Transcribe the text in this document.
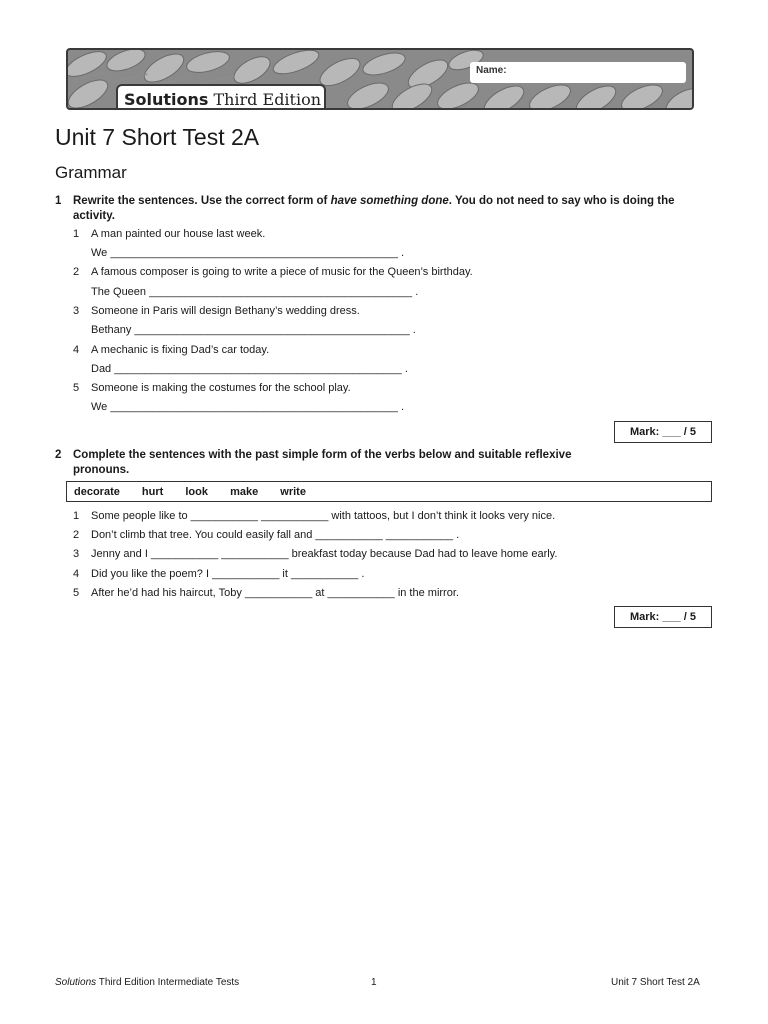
Name:
Solutions Third Edition
Unit 7 Short Test 2A
Grammar
1 Rewrite the sentences. Use the correct form of have something done. You do not need to say who is doing the activity.
1 A man painted our house last week.
We _______________________________________________ .
2 A famous composer is going to write a piece of music for the Queen’s birthday.
The Queen ___________________________________________ .
3 Someone in Paris will design Bethany’s wedding dress.
Bethany _____________________________________________ .
4 A mechanic is fixing Dad’s car today.
Dad _______________________________________________ .
5 Someone is making the costumes for the school play.
We _______________________________________________ .
Mark: ___ / 5
2 Complete the sentences with the past simple form of the verbs below and suitable reflexive pronouns.
decorate hurt look make write
1 Some people like to ___________ ___________ with tattoos, but I don’t think it looks very nice.
2 Don’t climb that tree. You could easily fall and ___________ ___________ .
3 Jenny and I ___________ ___________ breakfast today because Dad had to leave home early.
4 Did you like the poem? I ___________ it ___________ .
5 After he’d had his haircut, Toby ___________ at ___________ in the mirror.
Mark: ___ / 5
Solutions Third Edition Intermediate Tests	1	Unit 7 Short Test 2A
